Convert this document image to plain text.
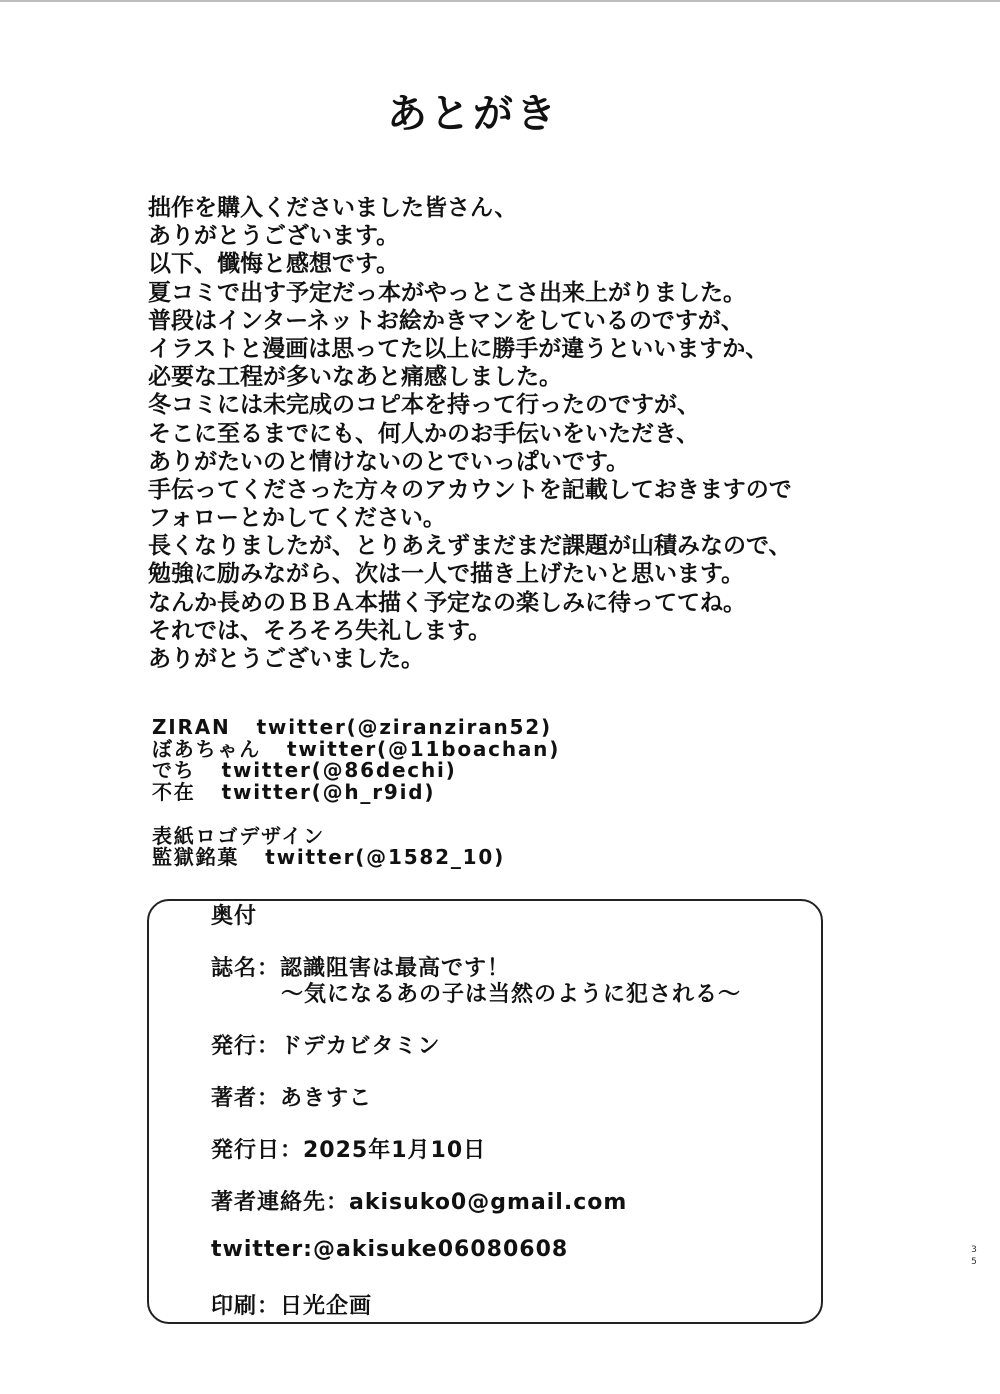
あとがき
拙作を購入くださいました皆さん、
ありがとうございます。
以下、懺悔と感想です。
夏コミで出す予定だっ本がやっとこさ出来上がりました。
普段はインターネットお絵かきマンをしているのですが、
イラストと漫画は思ってた以上に勝手が違うといいますか、
必要な工程が多いなあと痛感しました。
冬コミには未完成のコピ本を持って行ったのですが、
そこに至るまでにも、何人かのお手伝いをいただき、
ありがたいのと情けないのとでいっぱいです。
手伝ってくださった方々のアカウントを記載しておきますので
フォローとかしてください。
長くなりましたが、とりあえずまだまだ課題が山積みなので、
勉強に励みながら、次は一人で描き上げたいと思います。
なんか長めのＢＢＡ本描く予定なの楽しみに待っててね。
それでは、そろそろ失礼します。
ありがとうございました。
ZIRAN twitter(@ziranziran52)
ぼあちゃん twitter(@11boachan)
でち twitter(@86dechi)
不在 twitter(@h_r9id)
表紙ロゴデザイン
監獄銘菓 twitter(@1582_10)
奥付
誌名：認識阻害は最高です！
～気になるあの子は当然のように犯される～
発行：ドデカビタミン
著者：あきすこ
発行日：2025年1月10日
著者連絡先：akisuko0@gmail.com
twitter:@akisuke06080608
印刷：日光企画
3
5
